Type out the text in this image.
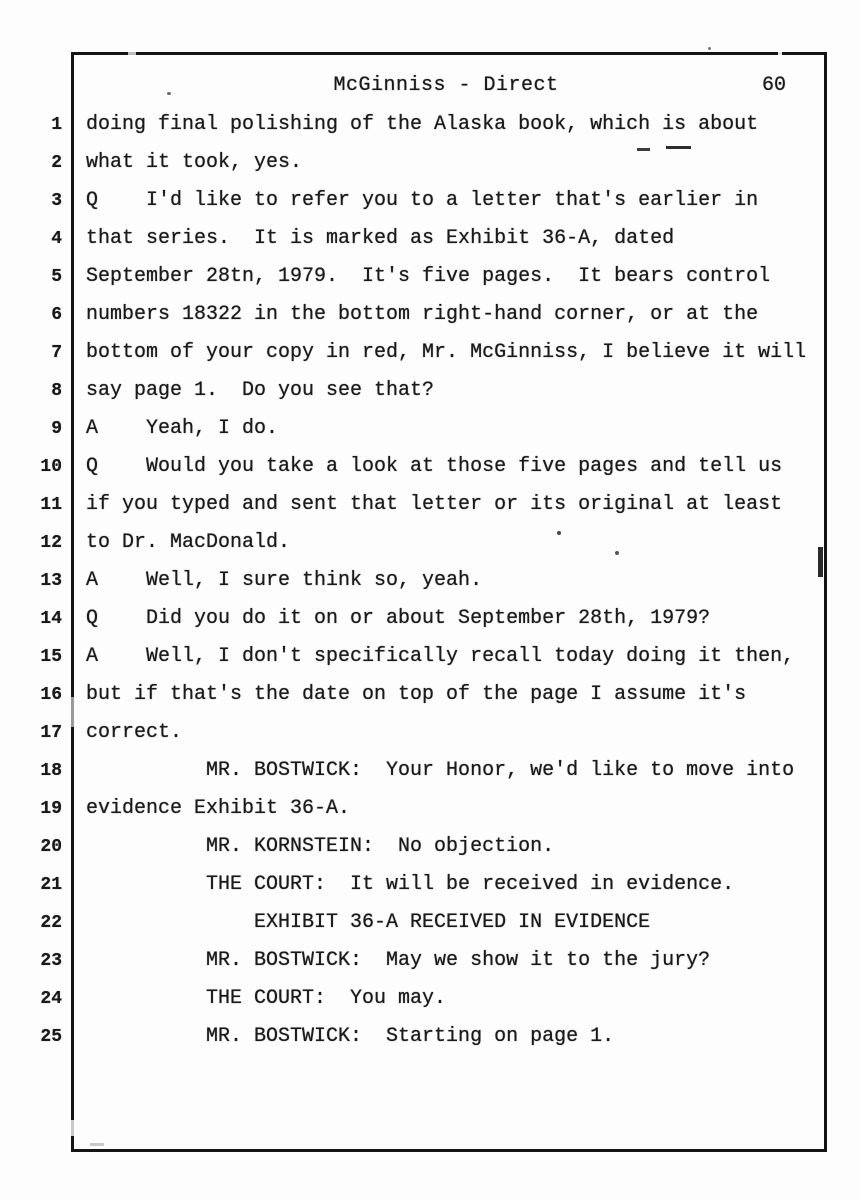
McGinniss - Direct	60
1	doing final polishing of the Alaska book, which is about
2	what it took, yes.
3	Q    I'd like to refer you to a letter that's earlier in
4	that series.  It is marked as Exhibit 36-A, dated
5	September 28tn, 1979.  It's five pages.  It bears control
6	numbers 18322 in the bottom right-hand corner, or at the
7	bottom of your copy in red, Mr. McGinniss, I believe it will
8	say page 1.  Do you see that?
9	A    Yeah, I do.
10	Q    Would you take a look at those five pages and tell us
11	if you typed and sent that letter or its original at least
12	to Dr. MacDonald.
13	A    Well, I sure think so, yeah.
14	Q    Did you do it on or about September 28th, 1979?
15	A    Well, I don't specifically recall today doing it then,
16	but if that's the date on top of the page I assume it's
17	correct.
18	MR. BOSTWICK:  Your Honor, we'd like to move into
19	evidence Exhibit 36-A.
20	MR. KORNSTEIN:  No objection.
21	THE COURT:  It will be received in evidence.
22	EXHIBIT 36-A RECEIVED IN EVIDENCE
23	MR. BOSTWICK:  May we show it to the jury?
24	THE COURT:  You may.
25	MR. BOSTWICK:  Starting on page 1.
